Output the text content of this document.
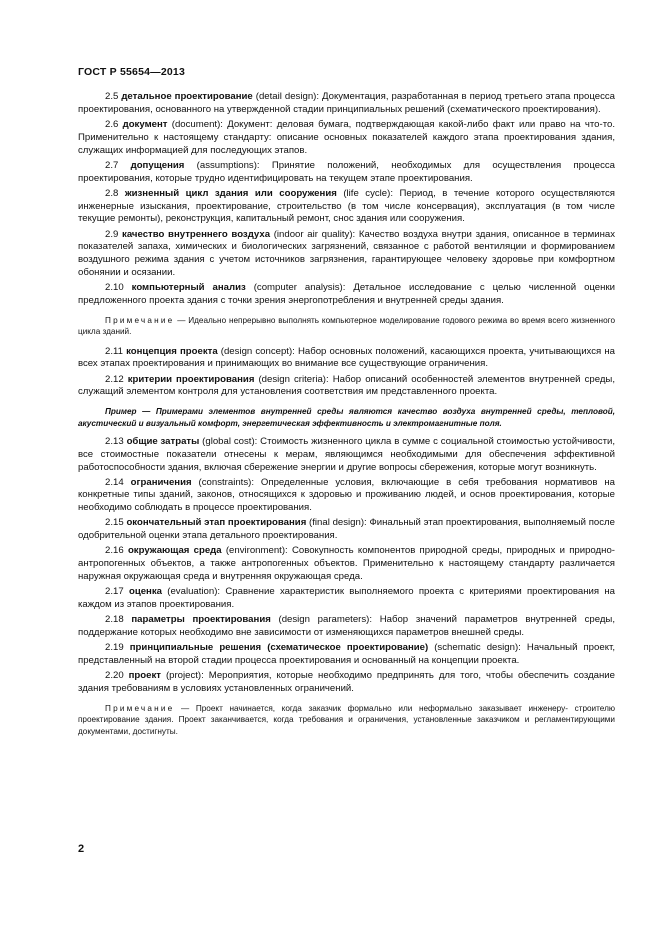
ГОСТ Р 55654—2013

2.5 детальное проектирование (detail design): Документация, разработанная в период третьего этапа процесса проектирования, основанного на утвержденной стадии принципиальных решений (схематического проектирования).

2.6 документ (document): Документ: деловая бумага, подтверждающая какой-либо факт или право на что-то. Применительно к настоящему стандарту: описание основных показателей каждого этапа проектирования здания, служащих информацией для последующих этапов.

2.7 допущения (assumptions): Принятие положений, необходимых для осуществления процесса проектирования, которые трудно идентифицировать на текущем этапе проектирования.

2.8 жизненный цикл здания или сооружения (life cycle): Период, в течение которого осуществляются инженерные изыскания, проектирование, строительство (в том числе консервация), эксплуатация (в том числе текущие ремонты), реконструкция, капитальный ремонт, снос здания или сооружения.

2.9 качество внутреннего воздуха (indoor air quality): Качество воздуха внутри здания, описанное в терминах показателей запаха, химических и биологических загрязнений, связанное с работой вентиляции и формированием воздушного режима здания с учетом источников загрязнения, гарантирующее человеку здоровье при комфортном обонянии и осязании.

2.10 компьютерный анализ (computer analysis): Детальное исследование с целью численной оценки предложенного проекта здания с точки зрения энергопотребления и внутренней среды здания.

Примечание — Идеально непрерывно выполнять компьютерное моделирование годового режима во время всего жизненного цикла зданий.

2.11 концепция проекта (design concept): Набор основных положений, касающихся проекта, учитывающихся на всех этапах проектирования и принимающих во внимание все существующие ограничения.

2.12 критерии проектирования (design criteria): Набор описаний особенностей элементов внутренней среды, служащий элементом контроля для установления соответствия им представленного проекта.

Пример — Примерами элементов внутренней среды являются качество воздуха внутренней среды, тепловой, акустический и визуальный комфорт, энергетическая эффективность и электромагнитные поля.

2.13 общие затраты (global cost): Стоимость жизненного цикла в сумме с социальной стоимостью устойчивости, все стоимостные показатели отнесены к мерам, являющимся необходимыми для обеспечения эффективной работоспособности здания, включая сбережение энергии и другие вопросы сбережения, которые могут возникнуть.

2.14 ограничения (constraints): Определенные условия, включающие в себя требования нормативов на конкретные типы зданий, законов, относящихся к здоровью и проживанию людей, и основ проектирования, которые необходимо соблюдать в процессе проектирования.

2.15 окончательный этап проектирования (final design): Финальный этап проектирования, выполняемый после одобрительной оценки этапа детального проектирования.

2.16 окружающая среда (environment): Совокупность компонентов природной среды, природных и природно-антропогенных объектов, а также антропогенных объектов. Применительно к настоящему стандарту различается наружная окружающая среда и внутренняя окружающая среда.

2.17 оценка (evaluation): Сравнение характеристик выполняемого проекта с критериями проектирования на каждом из этапов проектирования.

2.18 параметры проектирования (design parameters): Набор значений параметров внутренней среды, поддержание которых необходимо вне зависимости от изменяющихся параметров внешней среды.

2.19 принципиальные решения (схематическое проектирование) (schematic design): Начальный проект, представленный на второй стадии процесса проектирования и основанный на концепции проекта.

2.20 проект (project): Мероприятия, которые необходимо предпринять для того, чтобы обеспечить создание здания требованиям в условиях установленных ограничений.

Примечание — Проект начинается, когда заказчик формально или неформально заказывает инженеру- строителю проектирование здания. Проект заканчивается, когда требования и ограничения, установленные заказчиком и регламентирующими документами, достигнуты.

2
